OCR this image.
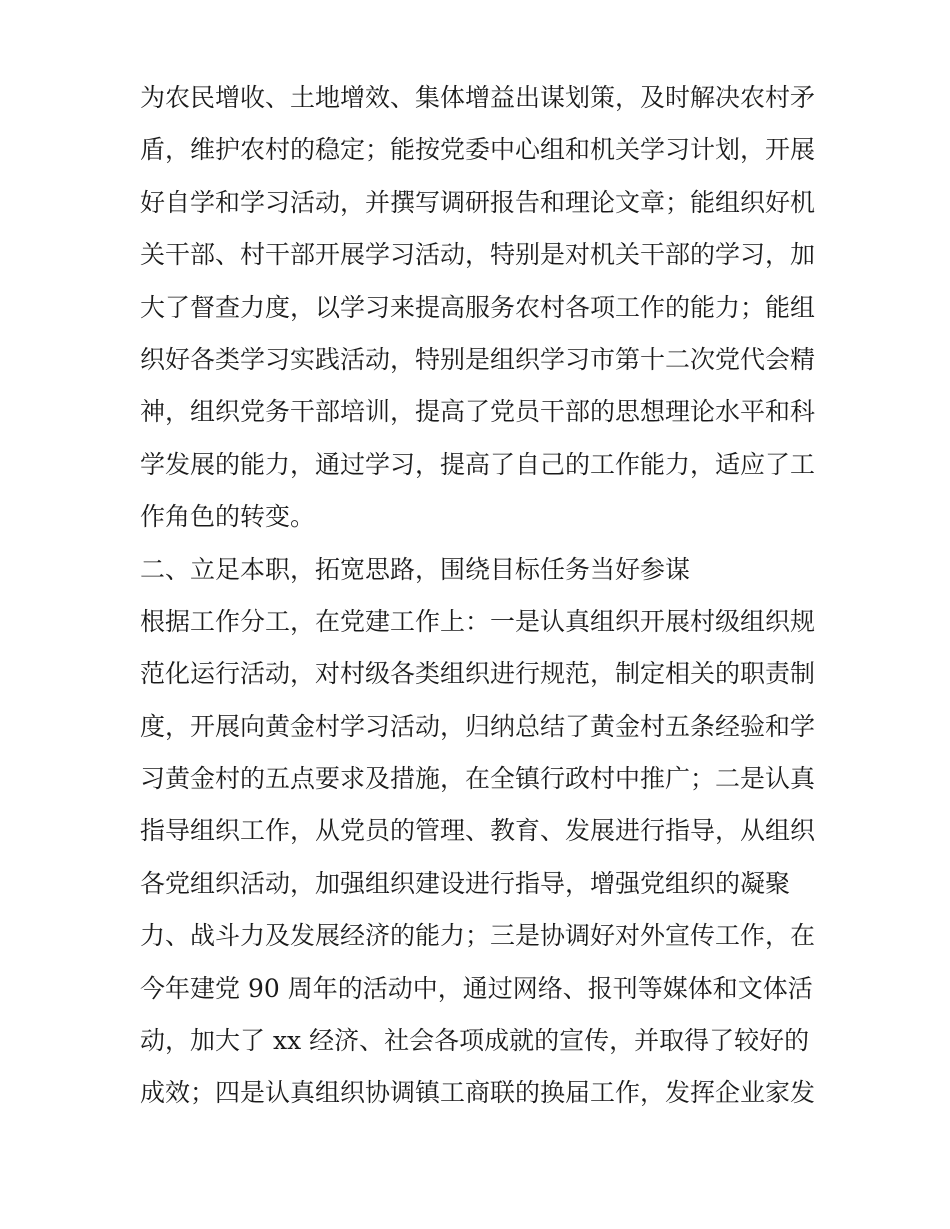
为农民增收、土地增效、集体增益出谋划策，及时解决农村矛
盾，维护农村的稳定；能按党委中心组和机关学习计划，开展
好自学和学习活动，并撰写调研报告和理论文章；能组织好机
关干部、村干部开展学习活动，特别是对机关干部的学习，加
大了督查力度，以学习来提高服务农村各项工作的能力；能组
织好各类学习实践活动，特别是组织学习市第十二次党代会精
神，组织党务干部培训，提高了党员干部的思想理论水平和科
学发展的能力，通过学习，提高了自己的工作能力，适应了工
作角色的转变。
二、立足本职，拓宽思路，围绕目标任务当好参谋
根据工作分工，在党建工作上：一是认真组织开展村级组织规
范化运行活动，对村级各类组织进行规范，制定相关的职责制
度，开展向黄金村学习活动，归纳总结了黄金村五条经验和学
习黄金村的五点要求及措施，在全镇行政村中推广；二是认真
指导组织工作，从党员的管理、教育、发展进行指导，从组织
各党组织活动，加强组织建设进行指导，增强党组织的凝聚
力、战斗力及发展经济的能力；三是协调好对外宣传工作，在
今年建党 90 周年的活动中，通过网络、报刊等媒体和文体活
动，加大了 xx 经济、社会各项成就的宣传，并取得了较好的
成效；四是认真组织协调镇工商联的换届工作，发挥企业家发
